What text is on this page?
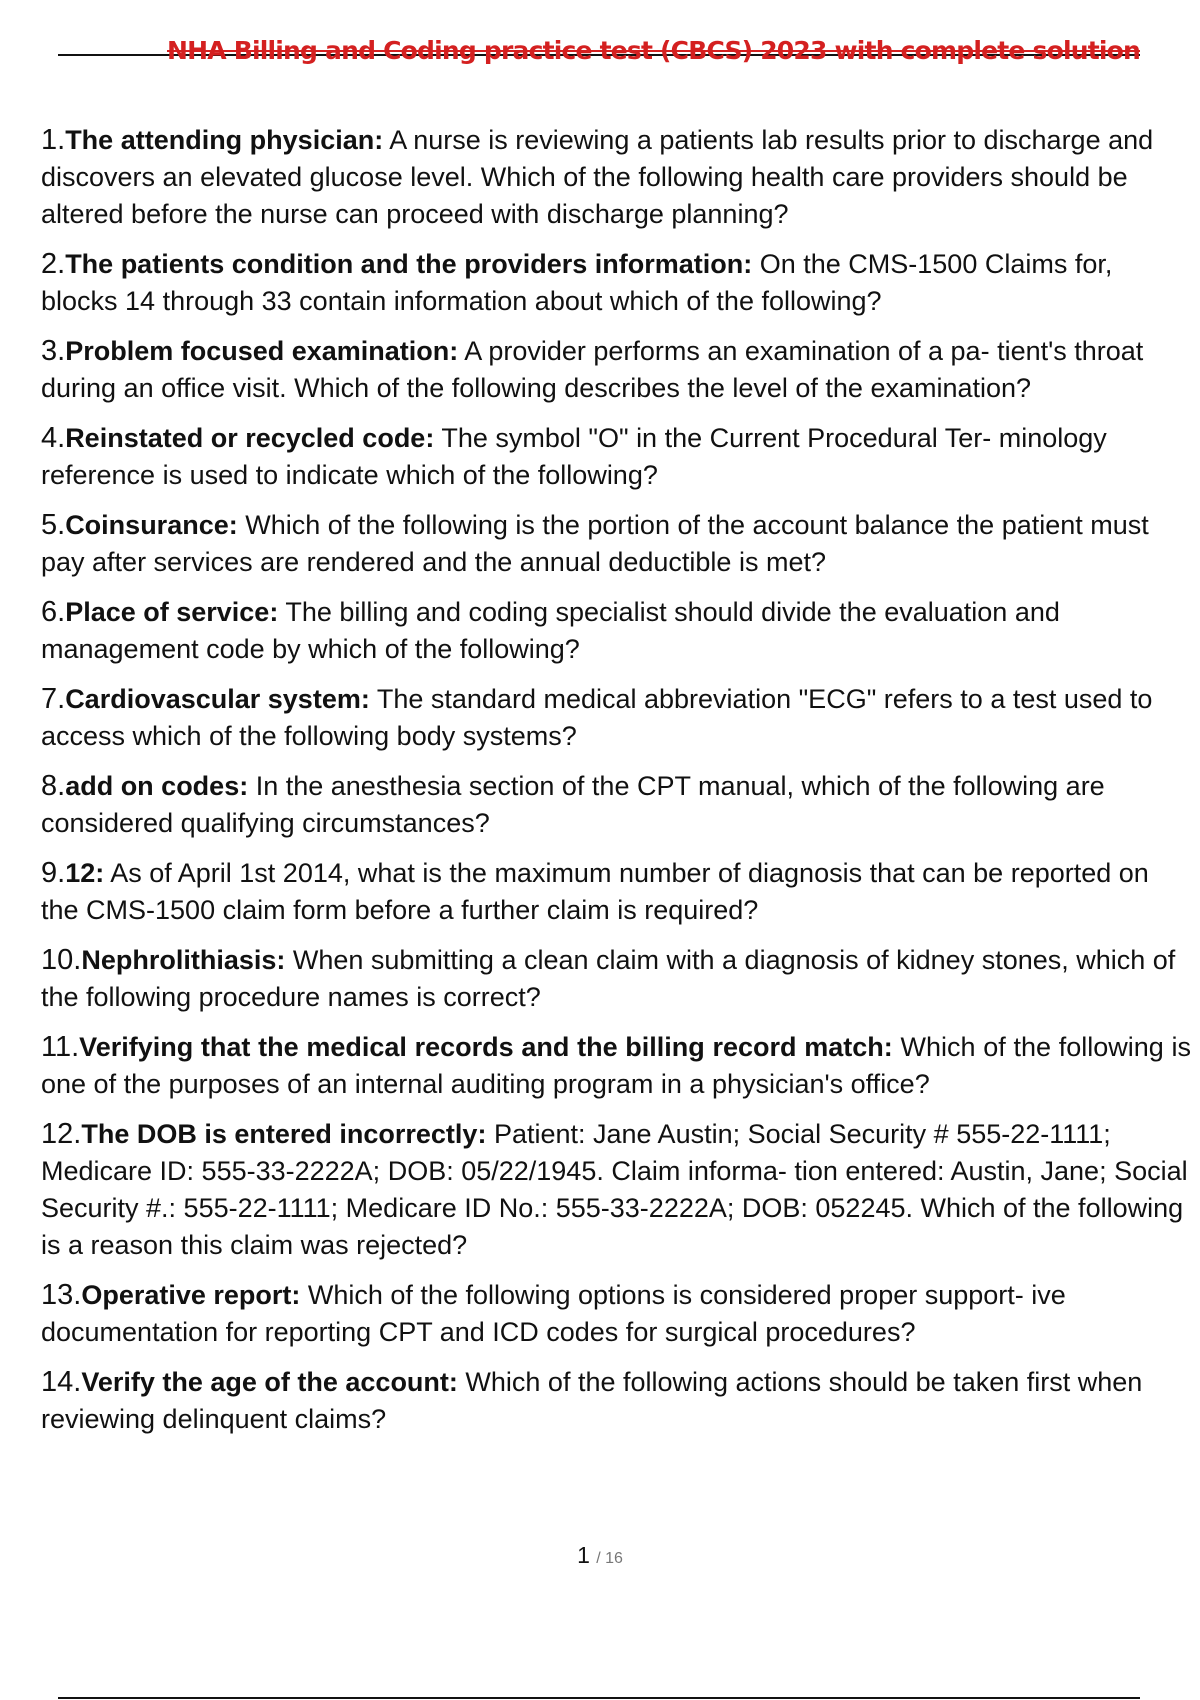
NHA Billing and Coding practice test (CBCS) 2023 with complete solution

1.The attending physician: A nurse is reviewing a patients lab results prior to discharge and discovers an elevated glucose level. Which of the following health care providers should be altered before the nurse can proceed with discharge planning?

2.The patients condition and the providers information: On the CMS-1500 Claims for, blocks 14 through 33 contain information about which of the following?

3.Problem focused examination: A provider performs an examination of a pa- tient's throat during an office visit. Which of the following describes the level of the examination?

4.Reinstated or recycled code: The symbol "O" in the Current Procedural Ter- minology reference is used to indicate which of the following?

5.Coinsurance: Which of the following is the portion of the account balance the patient must pay after services are rendered and the annual deductible is met?

6.Place of service: The billing and coding specialist should divide the evaluation and management code by which of the following?

7.Cardiovascular system: The standard medical abbreviation "ECG" refers to a test used to access which of the following body systems?

8.add on codes: In the anesthesia section of the CPT manual, which of the following are considered qualifying circumstances?

9.12: As of April 1st 2014, what is the maximum number of diagnosis that can be reported on the CMS-1500 claim form before a further claim is required?

10.Nephrolithiasis: When submitting a clean claim with a diagnosis of kidney stones, which of the following procedure names is correct?

11.Verifying that the medical records and the billing record match: Which of the following is one of the purposes of an internal auditing program in a physician's office?

12.The DOB is entered incorrectly: Patient: Jane Austin; Social Security # 555-22-1111; Medicare ID: 555-33-2222A; DOB: 05/22/1945. Claim informa- tion entered: Austin, Jane; Social Security #.: 555-22-1111; Medicare ID No.: 555-33-2222A; DOB: 052245. Which of the following is a reason this claim was rejected?

13.Operative report: Which of the following options is considered proper support- ive documentation for reporting CPT and ICD codes for surgical procedures?

14.Verify the age of the account: Which of the following actions should be taken first when reviewing delinquent claims?

1 / 16
